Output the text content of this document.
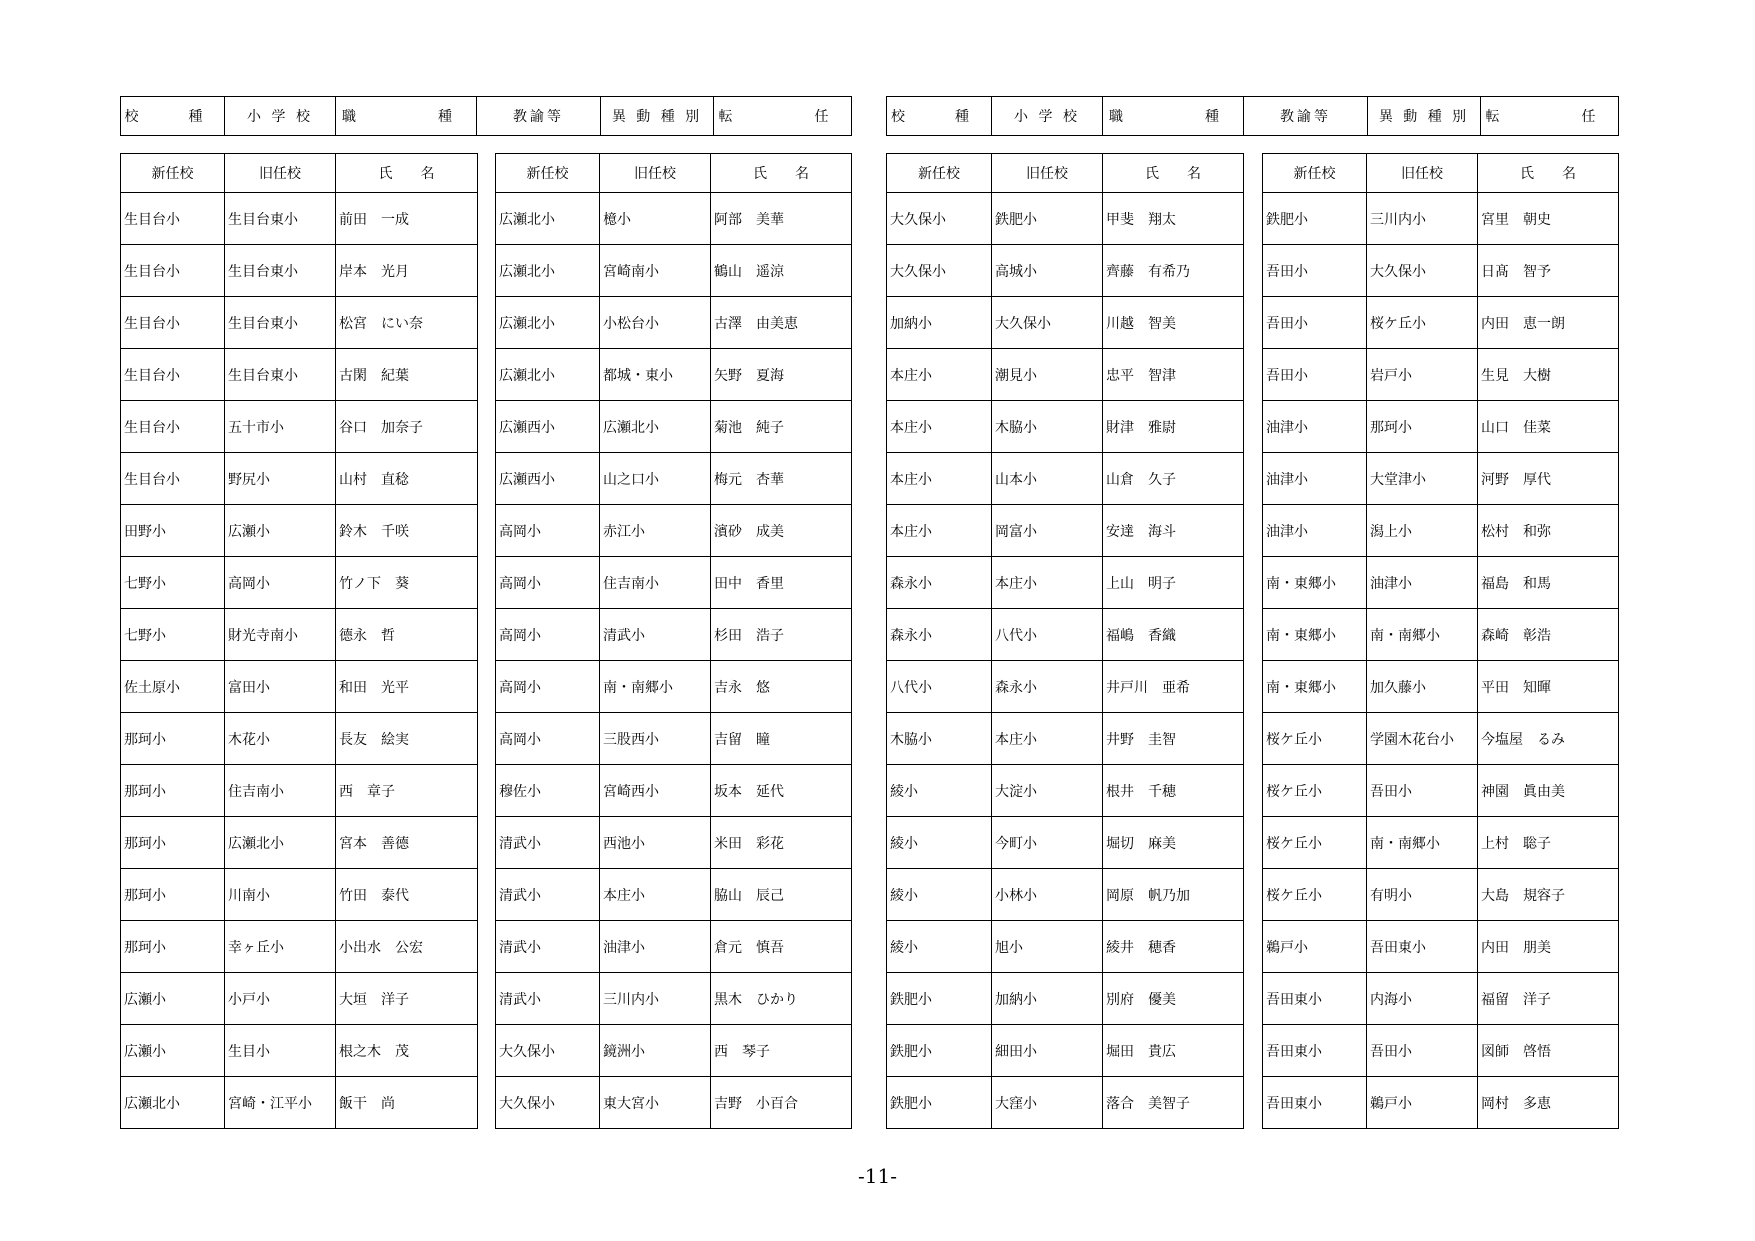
校　種	小 学 校	職　　種	教諭等	異 動 種 別	転　　任	校　種	小 学 校	職　　種	教諭等	異 動 種 別	転　　任
新任校	旧任校	氏　　名
生目台小	生目台東小	前田　一成
生目台小	生目台東小	岸本　光月
生目台小	生目台東小	松宮　にい奈
生目台小	生目台東小	古閑　紀葉
生目台小	五十市小	谷口　加奈子
生目台小	野尻小	山村　直稔
田野小	広瀬小	鈴木　千咲
七野小	高岡小	竹ノ下　葵
七野小	財光寺南小	德永　哲
佐土原小	富田小	和田　光平
那珂小	木花小	長友　絵実
那珂小	住吉南小	西　章子
那珂小	広瀬北小	宮本　善德
那珂小	川南小	竹田　泰代
那珂小	幸ヶ丘小	小出水　公宏
広瀬小	小戸小	大垣　洋子
広瀬小	生目小	根之木　茂
広瀬北小	宮崎・江平小	飯干　尚
新任校	旧任校	氏　　名
広瀬北小	檍小	阿部　美華
広瀬北小	宮崎南小	鶴山　遥涼
広瀬北小	小松台小	古澤　由美恵
広瀬北小	都城・東小	矢野　夏海
広瀬西小	広瀬北小	菊池　純子
広瀬西小	山之口小	梅元　杏華
高岡小	赤江小	濱砂　成美
高岡小	住吉南小	田中　香里
高岡小	清武小	杉田　浩子
高岡小	南・南郷小	吉永　悠
高岡小	三股西小	吉留　瞳
穆佐小	宮崎西小	坂本　延代
清武小	西池小	米田　彩花
清武小	本庄小	脇山　辰己
清武小	油津小	倉元　慎吾
清武小	三川内小	黒木　ひかり
大久保小	鏡洲小	西　琴子
大久保小	東大宮小	吉野　小百合
新任校	旧任校	氏　　名
大久保小	鉄肥小	甲斐　翔太
大久保小	高城小	齊藤　有希乃
加納小	大久保小	川越　智美
本庄小	潮見小	忠平　智津
本庄小	木脇小	財津　雅尉
本庄小	山本小	山倉　久子
本庄小	岡富小	安達　海斗
森永小	本庄小	上山　明子
森永小	八代小	福嶋　香織
八代小	森永小	井戸川　亜希
木脇小	本庄小	井野　圭智
綾小	大淀小	根井　千穂
綾小	今町小	堀切　麻美
綾小	小林小	岡原　帆乃加
綾小	旭小	綾井　穂香
鉄肥小	加納小	別府　優美
鉄肥小	細田小	堀田　貴広
鉄肥小	大窪小	落合　美智子
新任校	旧任校	氏　　名
鉄肥小	三川内小	宮里　朝史
吾田小	大久保小	日髙　智予
吾田小	桜ケ丘小	内田　恵一朗
吾田小	岩戸小	生見　大樹
油津小	那珂小	山口　佳菜
油津小	大堂津小	河野　厚代
油津小	潟上小	松村　和弥
南・東郷小	油津小	福島　和馬
南・東郷小	南・南郷小	森崎　彰浩
南・東郷小	加久藤小	平田　知暉
桜ケ丘小	学園木花台小	今塩屋　るみ
桜ケ丘小	吾田小	神園　眞由美
桜ケ丘小	南・南郷小	上村　聡子
桜ケ丘小	有明小	大島　規容子
鵜戸小	吾田東小	内田　朋美
吾田東小	内海小	福留　洋子
吾田東小	吾田小	図師　啓悟
吾田東小	鵜戸小	岡村　多恵
-11-
